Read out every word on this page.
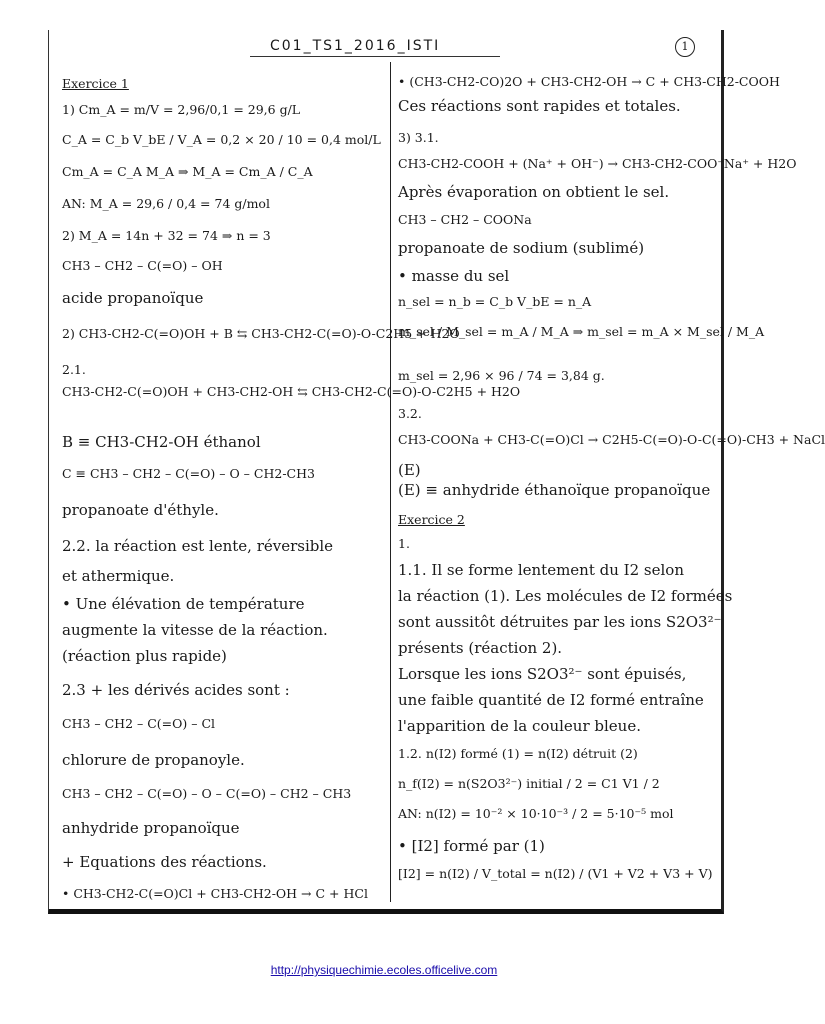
C01_TS1_2016_ISTI	1
Exercice 1
1) Cm_A = m/V = 2,96/0,1 = 29,6 g/L
C_A = C_b V_bE / V_A = 0,2 × 20 / 10 = 0,4 mol/L
Cm_A = C_A M_A ⇒ M_A = Cm_A / C_A
AN: M_A = 29,6 / 0,4 = 74 g/mol
2) M_A = 14n + 32 = 74 ⇒ n = 3
CH3 – CH2 – C(=O) – OH
acide propanoïque
2) CH3-CH2-C(=O)OH + B ⇆ CH3-CH2-C(=O)-O-C2H5 + H2O
2.1.
CH3-CH2-C(=O)OH + CH3-CH2-OH ⇆ CH3-CH2-C(=O)-O-C2H5 + H2O
B ≡ CH3-CH2-OH éthanol
C ≡ CH3 – CH2 – C(=O) – O – CH2-CH3
propanoate d'éthyle.
2.2. la réaction est lente, réversible
et athermique.
• Une élévation de température
augmente la vitesse de la réaction.
(réaction plus rapide)
2.3 + les dérivés acides sont :
CH3 – CH2 – C(=O) – Cl
chlorure de propanoyle.
CH3 – CH2 – C(=O) – O – C(=O) – CH2 – CH3
anhydride propanoïque
+ Equations des réactions.
• CH3-CH2-C(=O)Cl + CH3-CH2-OH → C + HCl
• (CH3-CH2-CO)2O + CH3-CH2-OH → C + CH3-CH2-COOH
Ces réactions sont rapides et totales.
3) 3.1.
CH3-CH2-COOH + (Na⁺ + OH⁻) → CH3-CH2-COO⁻Na⁺ + H2O
Après évaporation on obtient le sel.
CH3 – CH2 – COONa
propanoate de sodium (sublimé)
• masse du sel
n_sel = n_b = C_b V_bE = n_A
m_sel / M_sel = m_A / M_A ⇒ m_sel = m_A × M_sel / M_A
m_sel = 2,96 × 96 / 74 = 3,84 g.
3.2.
CH3-COONa + CH3-C(=O)Cl → C2H5-C(=O)-O-C(=O)-CH3 + NaCl
(E)
(E) ≡ anhydride éthanoïque propanoïque
Exercice 2
1.
1.1. Il se forme lentement du I2 selon
la réaction (1). Les molécules de I2 formées
sont aussitôt détruites par les ions S2O3²⁻
présents (réaction 2).
Lorsque les ions S2O3²⁻ sont épuisés,
une faible quantité de I2 formé entraîne
l'apparition de la couleur bleue.
1.2. n(I2) formé (1) = n(I2) détruit (2)
n_f(I2) = n(S2O3²⁻) initial / 2 = C1 V1 / 2
AN: n(I2) = 10⁻² × 10·10⁻³ / 2 = 5·10⁻⁵ mol
• [I2] formé par (1)
[I2] = n(I2) / V_total = n(I2) / (V1 + V2 + V3 + V)
http://physiquechimie.ecoles.officelive.com
